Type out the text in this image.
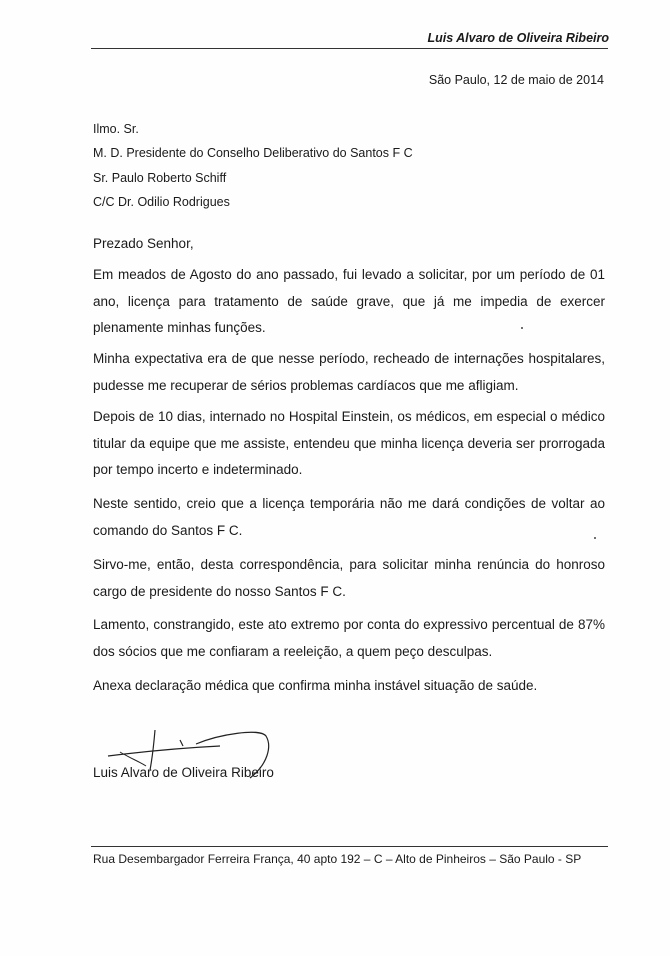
Luis Alvaro de Oliveira Ribeiro
São Paulo, 12 de maio de 2014
Ilmo. Sr.
M. D. Presidente do Conselho Deliberativo do Santos F C
Sr. Paulo Roberto Schiff
C/C Dr. Odilio Rodrigues
Prezado Senhor,
Em meados de Agosto do ano passado, fui levado a solicitar, por um período de 01 ano, licença para tratamento de saúde grave, que já me impedia de exercer plenamente minhas funções.
Minha expectativa era de que nesse período, recheado de internações hospitalares, pudesse me recuperar de sérios problemas cardíacos que me afligiam.
Depois de 10 dias, internado no Hospital Einstein, os médicos, em especial o médico titular da equipe que me assiste, entendeu que minha licença deveria ser prorrogada por tempo incerto e indeterminado.
Neste sentido, creio que a licença temporária não me dará condições de voltar ao comando do Santos F C.
Sirvo-me, então, desta correspondência, para solicitar minha renúncia do honroso cargo de presidente do nosso Santos F C.
Lamento, constrangido, este ato extremo por conta do expressivo percentual de 87% dos sócios que me confiaram a reeleição, a quem peço desculpas.
Anexa declaração médica que confirma minha instável situação de saúde.
Luis Alvaro de Oliveira Ribeiro
Rua Desembargador Ferreira França, 40 apto 192 – C – Alto de Pinheiros – São Paulo - SP
